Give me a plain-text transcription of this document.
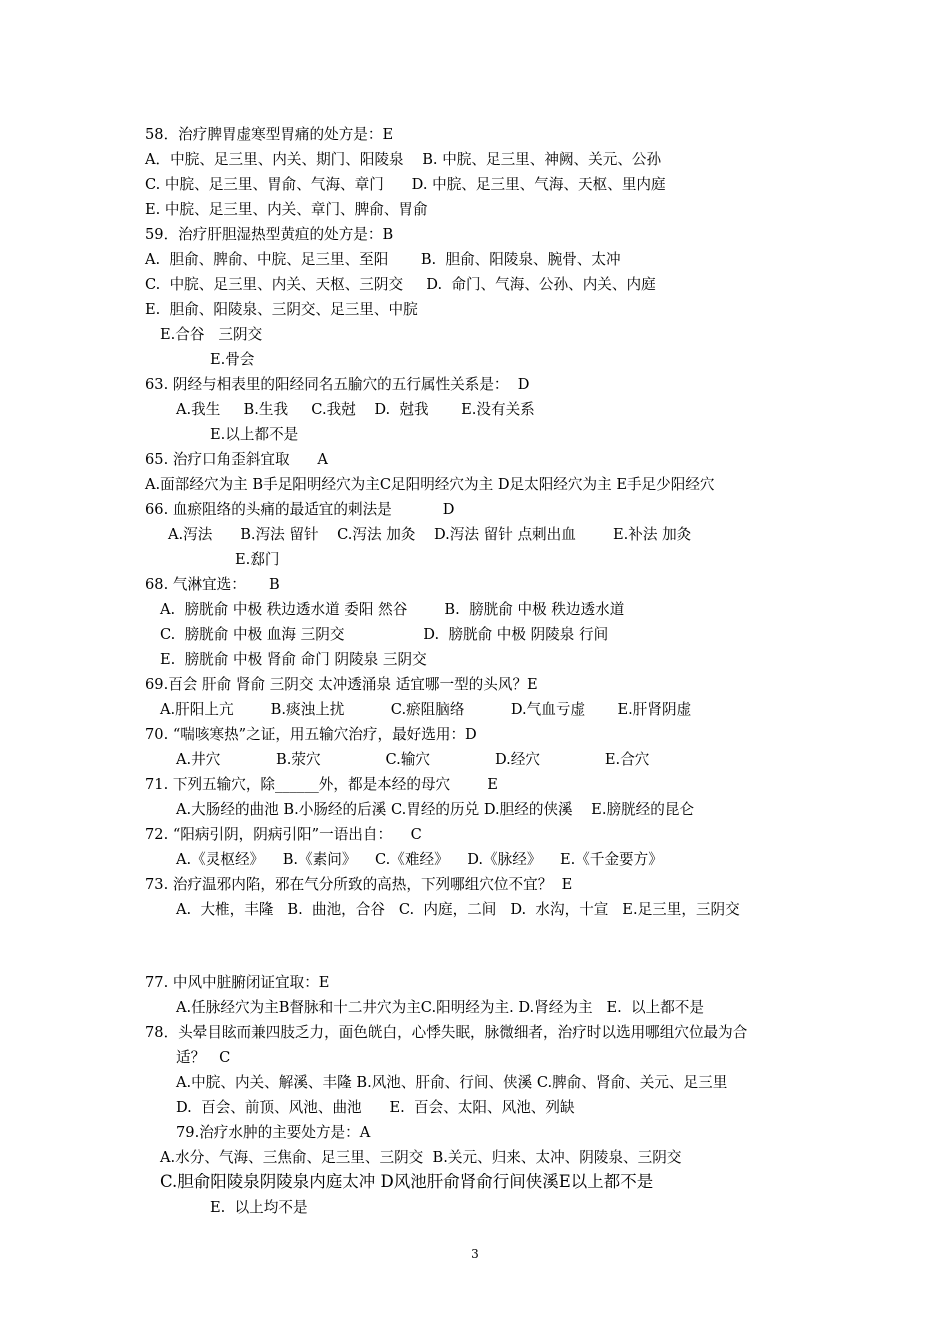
58．治疗脾胃虚寒型胃痛的处方是：E
A．中脘、足三里、内关、期门、阳陵泉    B. 中脘、足三里、神阙、关元、公孙
C. 中脘、足三里、胃俞、气海、章门      D. 中脘、足三里、气海、天枢、里内庭
E. 中脘、足三里、内关、章门、脾俞、胃俞
59．治疗肝胆湿热型黄疸的处方是：B
A.  胆俞、脾俞、中脘、足三里、至阳       B.  胆俞、阳陵泉、腕骨、太冲
C.  中脘、足三里、内关、天枢、三阴交     D.  命门、气海、公孙、内关、内庭
E.  胆俞、阳陵泉、三阴交、足三里、中脘
E.合谷   三阴交
E.骨会
63. 阴经与相表里的阳经同名五腧穴的五行属性关系是：  D
A.我生     B.生我     C.我尅    D.  尅我       E.没有关系
E.以上都不是
65. 治疗口角歪斜宜取      A
A.面部经穴为主 B手足阳明经穴为主C足阳明经穴为主 D足太阳经穴为主 E手足少阳经穴
66. 血瘀阻络的头痛的最适宜的刺法是           D
A.泻法      B.泻法 留针    C.泻法 加灸    D.泻法 留针 点刺出血        E.补法 加灸
E.郄门
68. 气淋宜选：     B
A.  膀胱俞 中极 秩边透水道 委阳 然谷        B.  膀胱俞 中极 秩边透水道
C.  膀胱俞 中极 血海 三阴交                 D.  膀胱俞 中极 阴陵泉 行间
E.  膀胱俞 中极 肾俞 命门 阴陵泉 三阴交
69.百会 肝俞 肾俞 三阴交 太冲透涌泉 适宜哪一型的头风？E
A.肝阳上亢        B.痰浊上扰          C.瘀阻脑络          D.气血亏虚       E.肝肾阴虚
70. “喘咳寒热”之证，用五输穴治疗，最好选用：D
A.井穴            B.荥穴              C.输穴              D.经穴              E.合穴
71. 下列五输穴，除______外，都是本经的母穴        E
A.大肠经的曲池 B.小肠经的后溪 C.胃经的历兑 D.胆经的侠溪    E.膀胱经的昆仑
72. “阳病引阴，阴病引阳”一语出自：    C
A.《灵枢经》    B.《素问》    C.《难经》    D.《脉经》    E.《千金要方》
73. 治疗温邪内陷，邪在气分所致的高热，下列哪组穴位不宜？  E
A.  大椎，丰隆   B.  曲池，合谷   C.  内庭，二间   D.  水沟，十宣   E.足三里，三阴交
77. 中风中脏腑闭证宜取：E
A.任脉经穴为主B督脉和十二井穴为主C.阳明经为主. D.肾经为主   E.  以上都不是
78．头晕目眩而兼四肢乏力，面色㿠白，心悸失眠，脉微细者，治疗时以选用哪组穴位最为合
适？   C
A.中脘、内关、解溪、丰隆 B.风池、肝俞、行间、侠溪 C.脾俞、肾俞、关元、足三里
D.  百会、前顶、风池、曲池      E.  百会、太阳、风池、列缺
79.治疗水肿的主要处方是：A
A.水分、气海、三焦俞、足三里、三阴交  B.关元、归来、太冲、阴陵泉、三阴交
C.胆俞阳陵泉阴陵泉内庭太冲 D风池肝俞肾俞行间侠溪E以上都不是
E.  以上均不是
3
